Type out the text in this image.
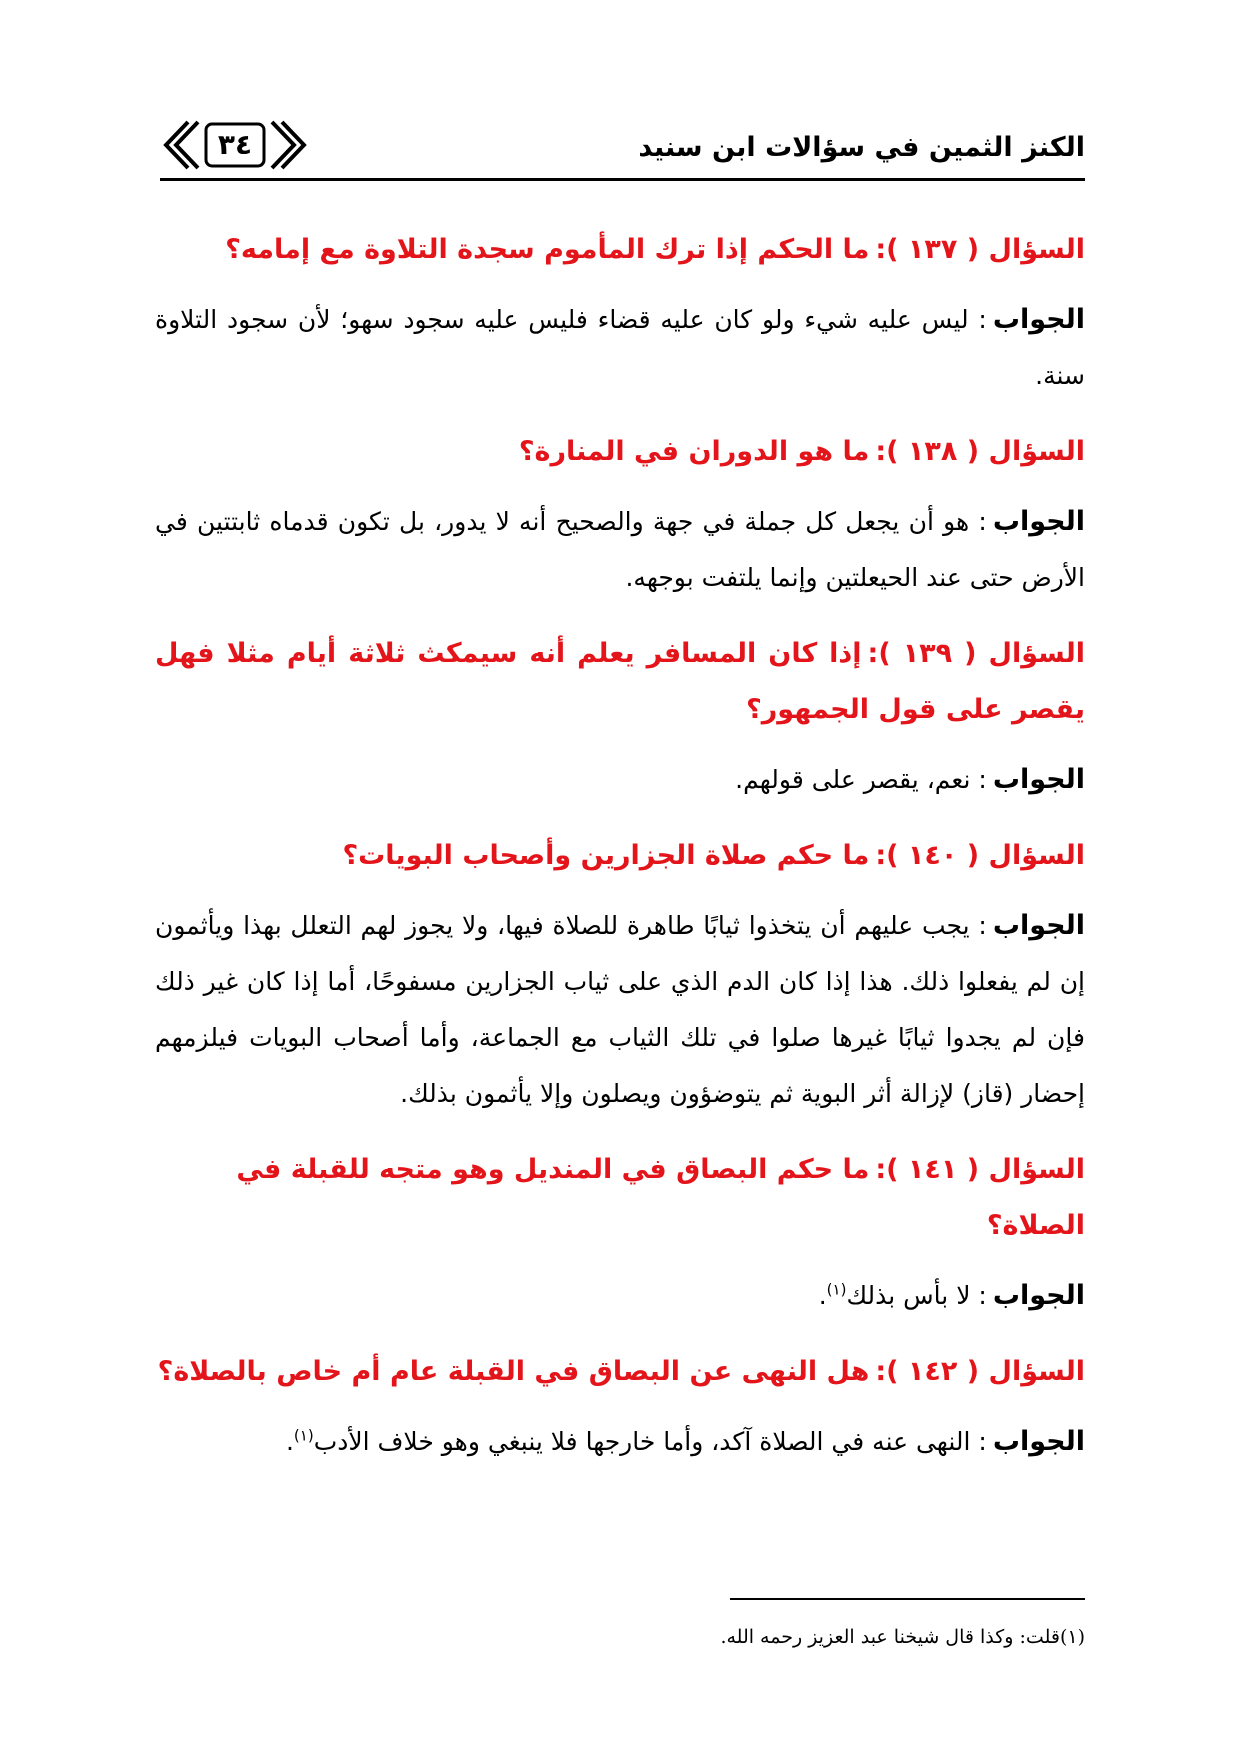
الكنز الثمين في سؤالات ابن سنيد
٣٤

السؤال ( ١٣٧ ):ما الحكم إذا ترك المأموم سجدة التلاوة مع إمامه؟

الجواب: ليس عليه شيء ولو كان عليه قضاء فليس عليه سجود سهو؛ لأن سجود التلاوة سنة.

السؤال ( ١٣٨ ):ما هو الدوران في المنارة؟

الجواب: هو أن يجعل كل جملة في جهة والصحيح أنه لا يدور، بل تكون قدماه ثابتتين في الأرض حتى عند الحيعلتين وإنما يلتفت بوجهه.

السؤال ( ١٣٩ ):إذا كان المسافر يعلم أنه سيمكث ثلاثة أيام مثلا فهل يقصر على قول الجمهور؟

الجواب: نعم، يقصر على قولهم.

السؤال ( ١٤٠ ):ما حكم صلاة الجزارين وأصحاب البويات؟

الجواب: يجب عليهم أن يتخذوا ثيابًا طاهرة للصلاة فيها، ولا يجوز لهم التعلل بهذا ويأثمون إن لم يفعلوا ذلك. هذا إذا كان الدم الذي على ثياب الجزارين مسفوحًا، أما إذا كان غير ذلك فإن لم يجدوا ثيابًا غيرها صلوا في تلك الثياب مع الجماعة، وأما أصحاب البويات فيلزمهم إحضار (قاز) لإزالة أثر البوية ثم يتوضؤون ويصلون وإلا يأثمون بذلك.

السؤال ( ١٤١ ):ما حكم البصاق في المنديل وهو متجه للقبلة في الصلاة؟

الجواب: لا بأس بذلك$^{(١)}$.

السؤال ( ١٤٢ ):هل النهى عن البصاق في القبلة عام أم خاص بالصلاة؟

الجواب: النهى عنه في الصلاة آكد، وأما خارجها فلا ينبغي وهو خلاف الأدب$^{(١)}$.

(١)قلت: وكذا قال شيخنا عبد العزيز رحمه الله.
